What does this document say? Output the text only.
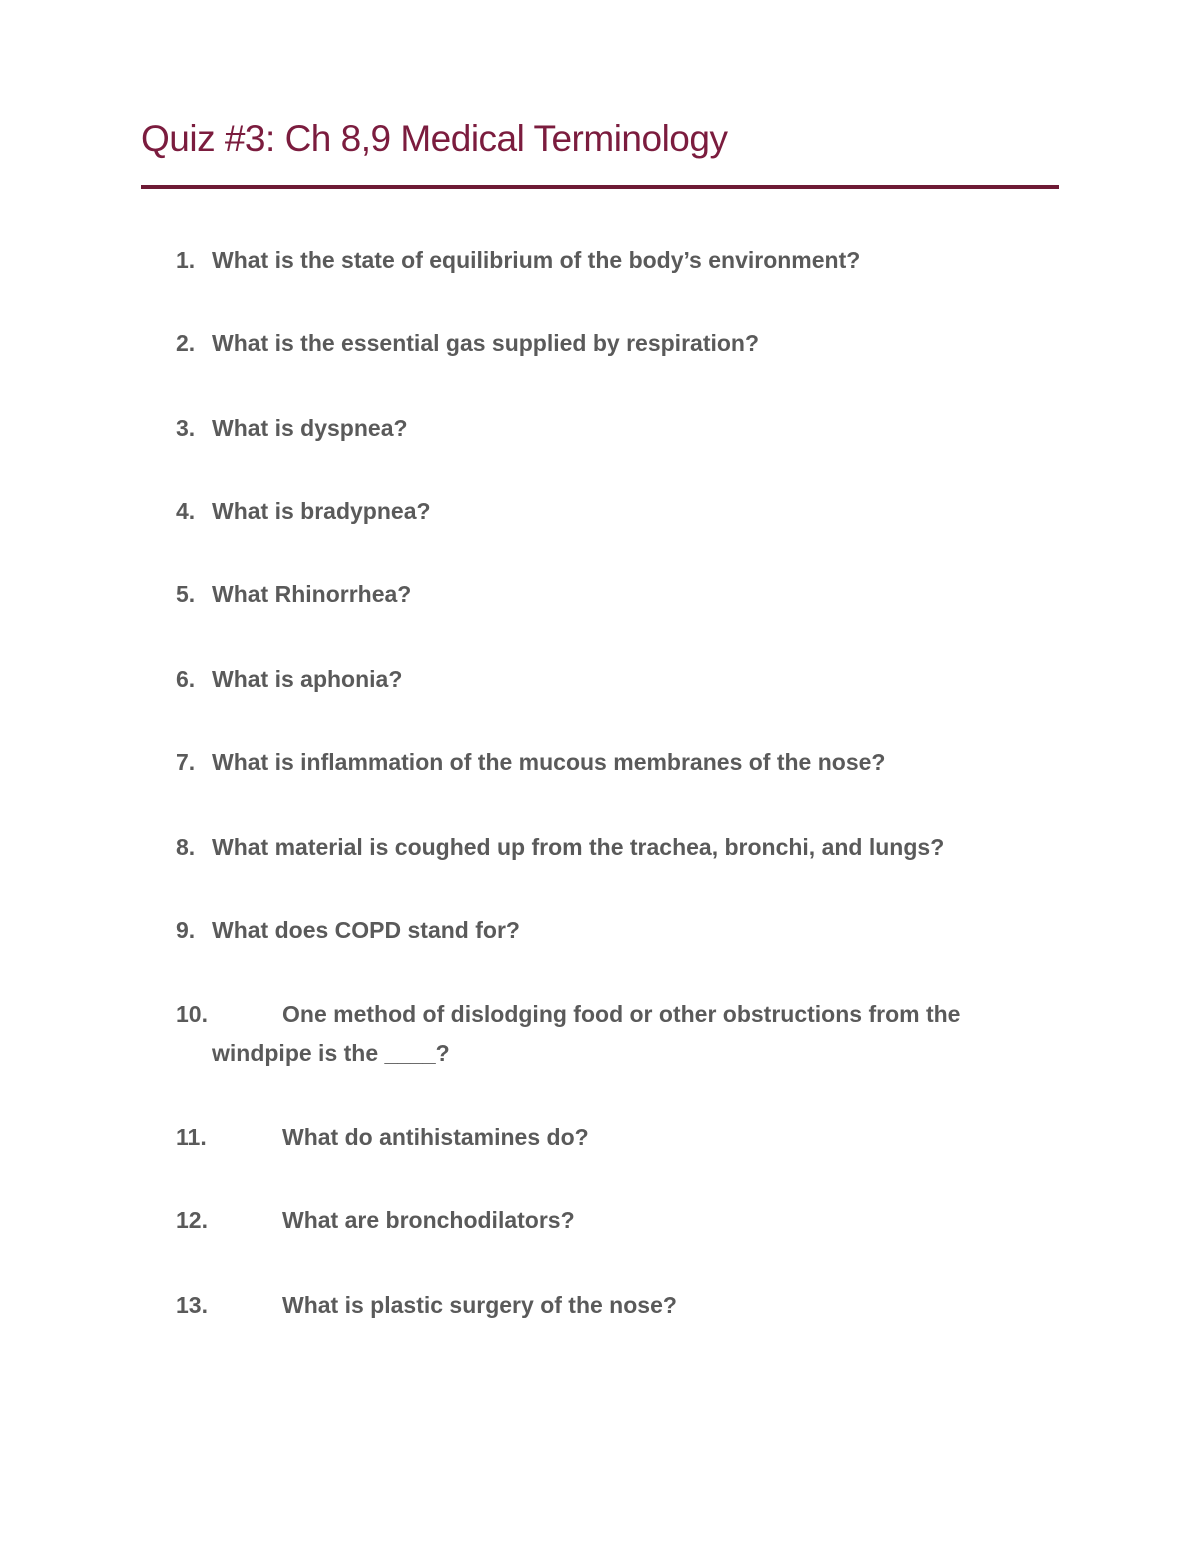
Quiz #3: Ch 8,9 Medical Terminology
1. What is the state of equilibrium of the body’s environment?
2. What is the essential gas supplied by respiration?
3. What is dyspnea?
4. What is bradypnea?
5. What Rhinorrhea?
6. What is aphonia?
7. What is inflammation of the mucous membranes of the nose?
8. What material is coughed up from the trachea, bronchi, and lungs?
9. What does COPD stand for?
10.	One method of dislodging food or other obstructions from the
windpipe is the ____?
11.	What do antihistamines do?
12.	What are bronchodilators?
13.	What is plastic surgery of the nose?
